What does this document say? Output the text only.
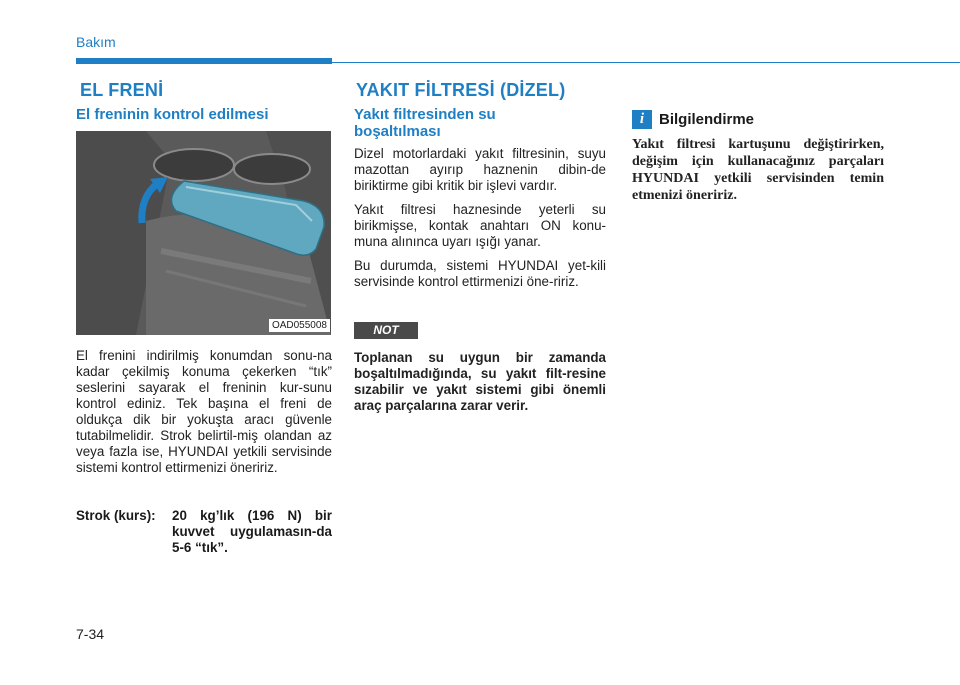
Bakım
EL FRENİ
El freninin kontrol edilmesi
OAD055008
El frenini indirilmiş konumdan sonu-na kadar çekilmiş konuma çekerken “tık” seslerini sayarak el freninin kur-sunu kontrol ediniz. Tek başına el freni de oldukça dik bir yokuşta aracı güvenle tutabilmelidir. Strok belirtil-miş olandan az veya fazla ise, HYUNDAI yetkili servisinde sistemi kontrol ettirmenizi öneririz.
Strok (kurs): 20 kg’lık (196 N) bir kuvvet uygulamasın-da 5-6 “tık”.
YAKIT FİLTRESİ (DİZEL)
Yakıt filtresinden su boşaltılması
Dizel motorlardaki yakıt filtresinin, suyu mazottan ayırıp haznenin dibin-de biriktirme gibi kritik bir işlevi vardır.
Yakıt filtresi haznesinde yeterli su birikmişse, kontak anahtarı ON konu-muna alınınca uyarı ışığı yanar.
Bu durumda, sistemi HYUNDAI yet-kili servisinde kontrol ettirmenizi öne-ririz.
NOT
Toplanan su uygun bir zamanda boşaltılmadığında, su yakıt filt-resine sızabilir ve yakıt sistemi gibi önemli araç parçalarına zarar verir.
i Bilgilendirme
Yakıt filtresi kartuşunu değiştirirken, değişim için kullanacağınız parçaları HYUNDAI yetkili servisinden temin etmenizi öneririz.
7-34
